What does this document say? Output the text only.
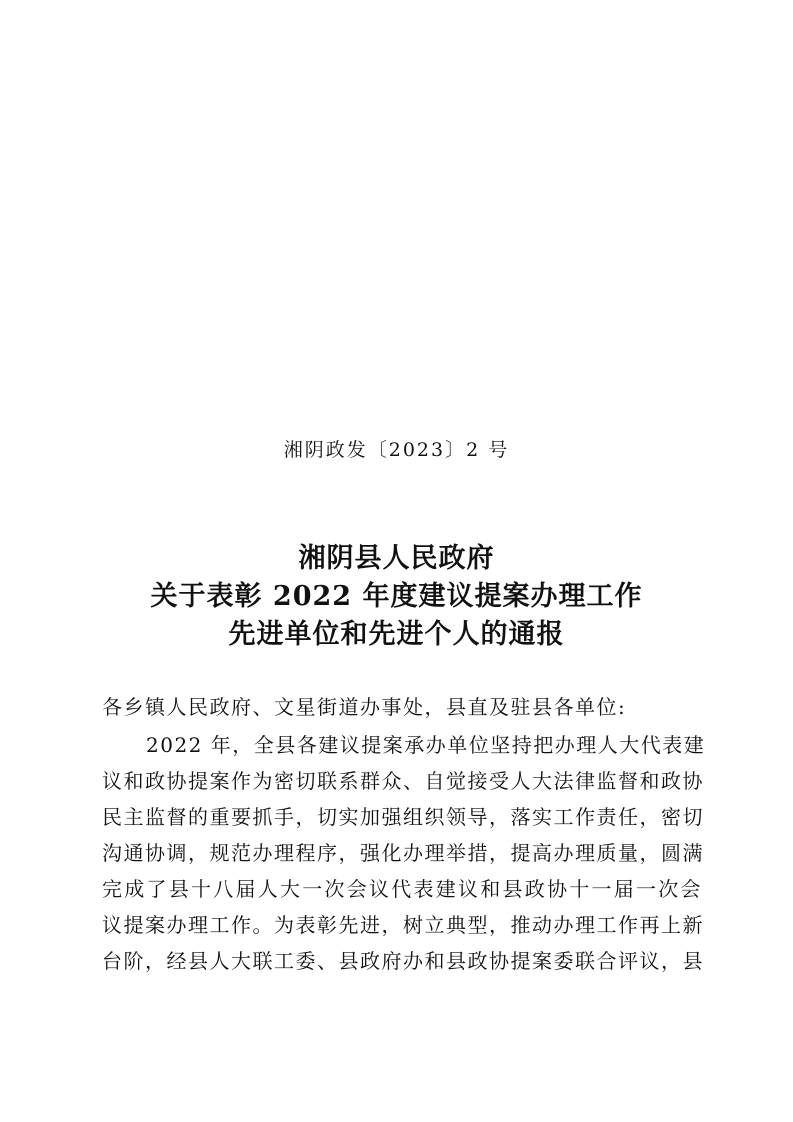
湘阴政发〔2023〕2 号
湘阴县人民政府
关于表彰 2022 年度建议提案办理工作
先进单位和先进个人的通报
各乡镇人民政府、文星街道办事处，县直及驻县各单位:
2022 年，全县各建议提案承办单位坚持把办理人大代表建
议和政协提案作为密切联系群众、自觉接受人大法律监督和政协
民主监督的重要抓手，切实加强组织领导，落实工作责任，密切
沟通协调，规范办理程序，强化办理举措，提高办理质量，圆满
完成了县十八届人大一次会议代表建议和县政协十一届一次会
议提案办理工作。为表彰先进，树立典型，推动办理工作再上新
台阶，经县人大联工委、县政府办和县政协提案委联合评议，县
